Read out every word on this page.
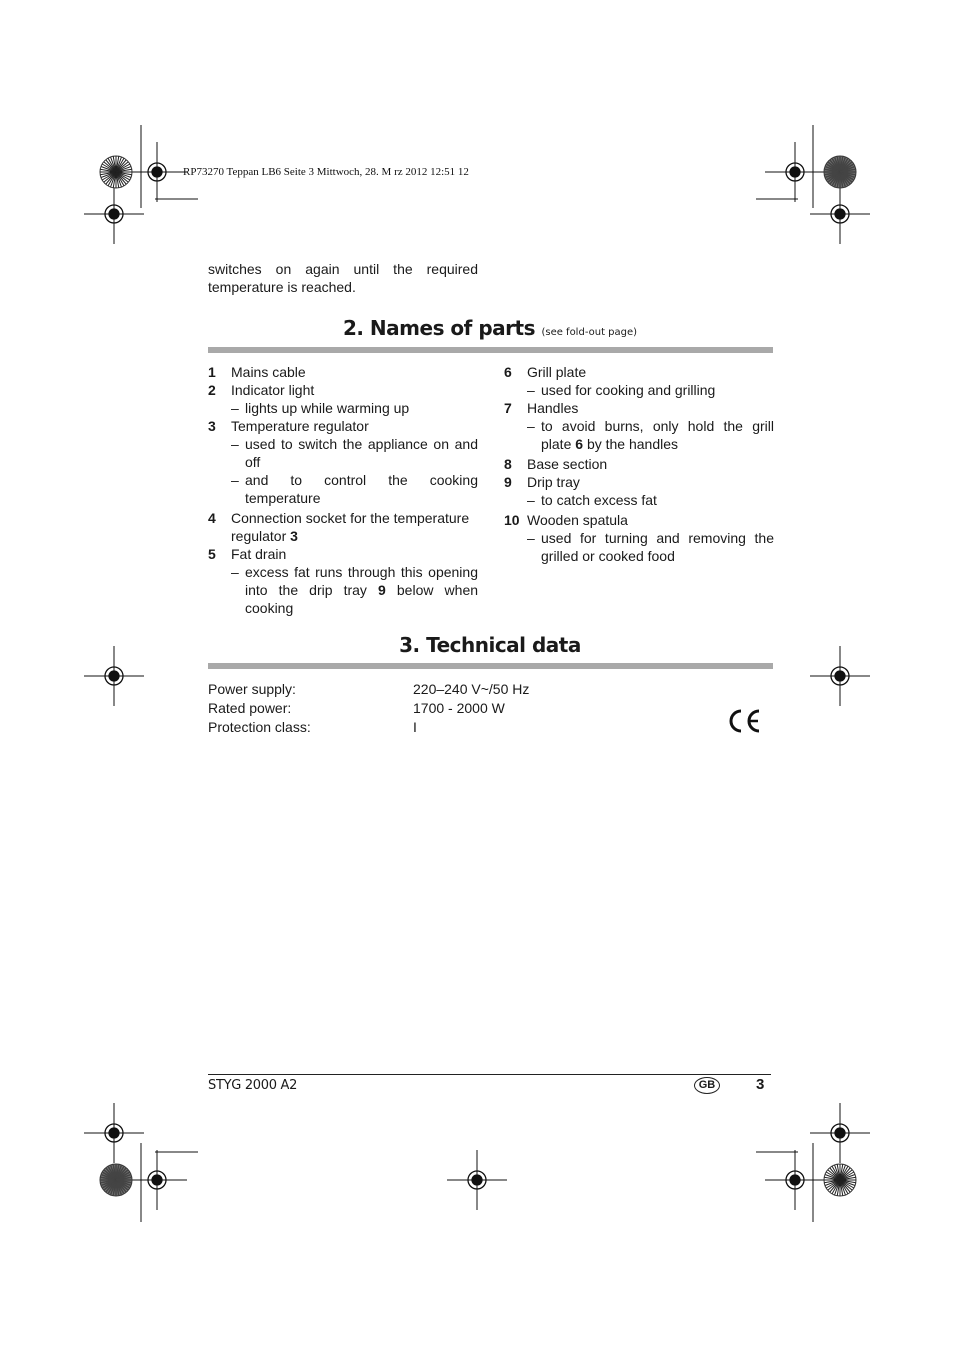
RP73270 Teppan LB6 Seite 3 Mittwoch, 28. M rz 2012 12:51 12
switches on again until the required
temperature is reached.
2. Names of parts (see fold-out page)
1 Mains cable
2 Indicator light
– lights up while warming up
3 Temperature regulator
– used to switch the appliance on and off
– and to control the cooking temperature
4 Connection socket for the temperature regulator 3
5 Fat drain
– excess fat runs through this opening into the drip tray 9 below when cooking
6 Grill plate
– used for cooking and grilling
7 Handles
– to avoid burns, only hold the grill plate 6 by the handles
8 Base section
9 Drip tray
– to catch excess fat
10 Wooden spatula
– used for turning and removing the grilled or cooked food
3. Technical data
Power supply:	220–240 V~/50 Hz
Rated power:	1700 - 2000 W
Protection class:	I
STYG 2000 A2	GB	3
